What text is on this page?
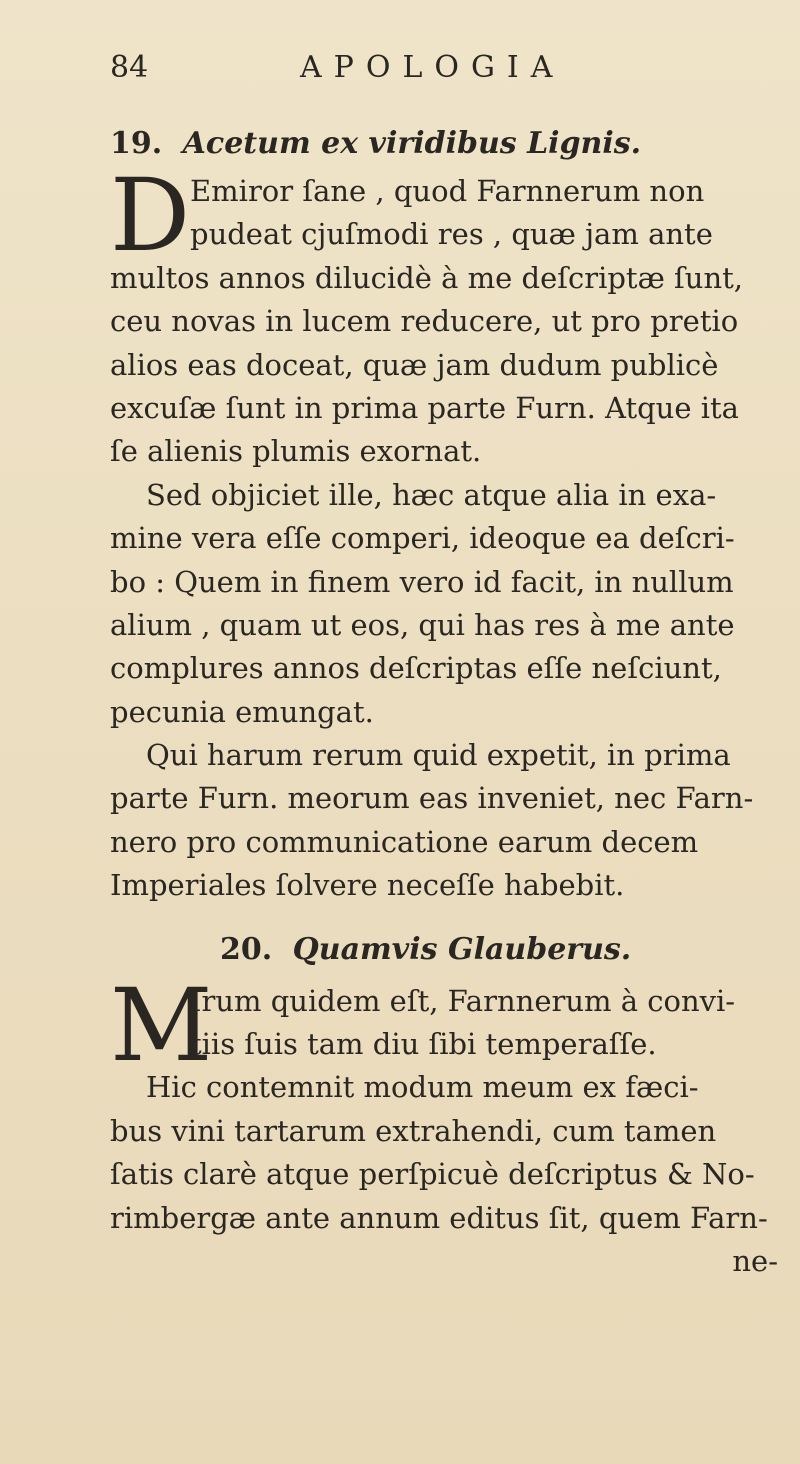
84	APOLOGIA
19. Acetum ex viridibus Lignis.
D Emiror ſane , quod Farnnerum non
pudeat cjuſmodi res , quæ jam ante
multos annos dilucidè à me deſcriptæ ſunt,
ceu novas in lucem reducere, ut pro pretio
alios eas doceat, quæ jam dudum publicè
excuſæ ſunt in prima parte Furn. Atque ita
ſe alienis plumis exornat.
Sed objiciet ille, hæc atque alia in exa-
mine vera eſſe comperi, ideoque ea deſcri-
bo : Quem in finem vero id facit, in nullum
alium , quam ut eos, qui has res à me ante
complures annos deſcriptas eſſe neſciunt,
pecunia emungat.
Qui harum rerum quid expetit, in prima
parte Furn. meorum eas inveniet, nec Farn-
nero pro communicatione earum decem
Imperiales ſolvere neceſſe habebit.
20. Quamvis Glauberus.
M
Irum quidem eſt, Farnnerum à convi-
tiis ſuis tam diu ſibi temperaſſe.
Hic contemnit modum meum ex fæci-
bus vini tartarum extrahendi, cum tamen
ſatis clarè atque perſpicuè deſcriptus & No-
rimbergæ ante annum editus ſit, quem Farn-
ne-
